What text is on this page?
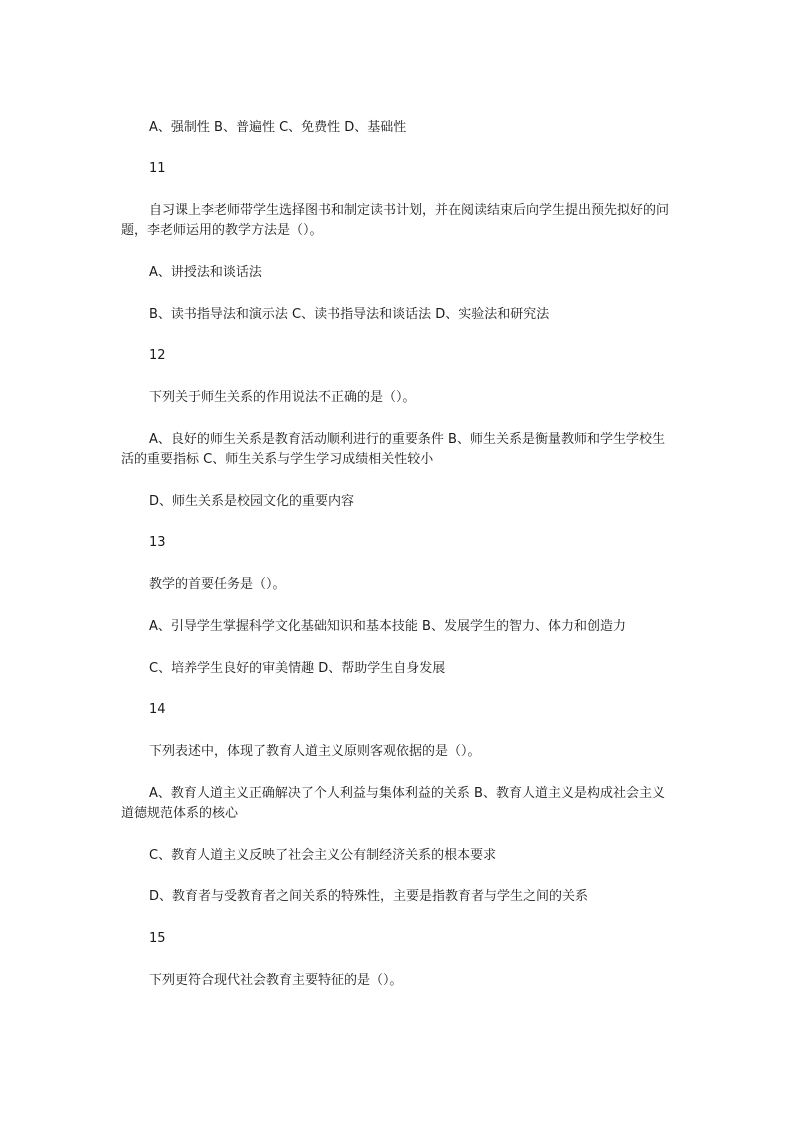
A、强制性 B、普遍性 C、免费性 D、基础性

11

自习课上李老师带学生选择图书和制定读书计划，并在阅读结束后向学生提出预先拟好的问题，李老师运用的教学方法是（）。

A、讲授法和谈话法

B、读书指导法和演示法 C、读书指导法和谈话法 D、实验法和研究法

12

下列关于师生关系的作用说法不正确的是（）。

A、良好的师生关系是教育活动顺利进行的重要条件 B、师生关系是衡量教师和学生学校生活的重要指标 C、师生关系与学生学习成绩相关性较小

D、师生关系是校园文化的重要内容

13

教学的首要任务是（）。

A、引导学生掌握科学文化基础知识和基本技能 B、发展学生的智力、体力和创造力

C、培养学生良好的审美情趣 D、帮助学生自身发展

14

下列表述中，体现了教育人道主义原则客观依据的是（）。

A、教育人道主义正确解决了个人利益与集体利益的关系 B、教育人道主义是构成社会主义道德规范体系的核心

C、教育人道主义反映了社会主义公有制经济关系的根本要求

D、教育者与受教育者之间关系的特殊性，主要是指教育者与学生之间的关系

15

下列更符合现代社会教育主要特征的是（）。
